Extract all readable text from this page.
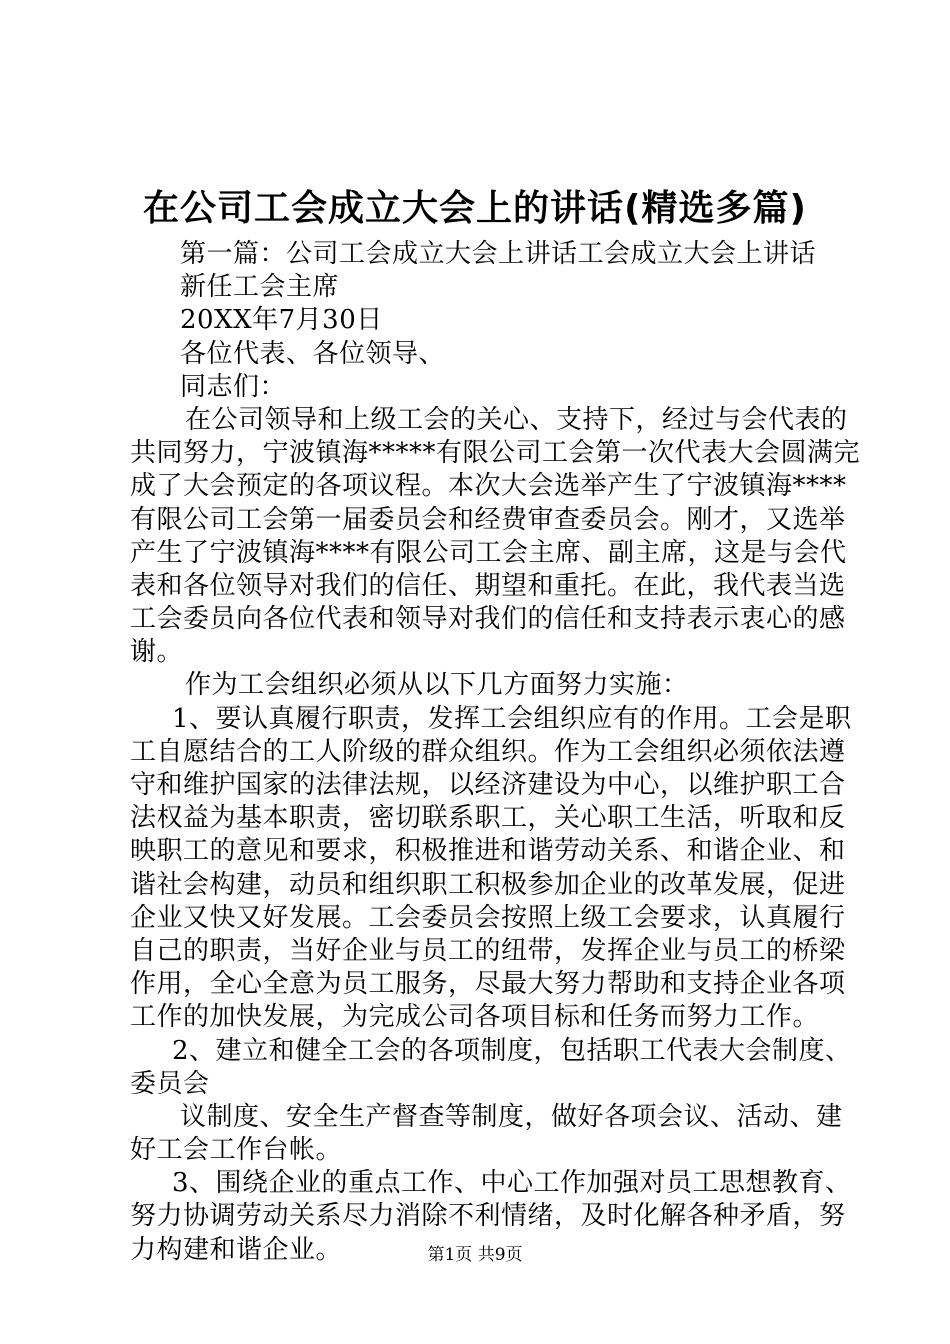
在公司工会成立大会上的讲话(精选多篇)
第一篇：公司工会成立大会上讲话工会成立大会上讲话
新任工会主席
20XX年7月30日
各位代表、各位领导、
同志们：
在公司领导和上级工会的关心、支持下，经过与会代表的
共同努力，宁波镇海*****有限公司工会第一次代表大会圆满完
成了大会预定的各项议程。本次大会选举产生了宁波镇海****
有限公司工会第一届委员会和经费审查委员会。刚才，又选举
产生了宁波镇海****有限公司工会主席、副主席，这是与会代
表和各位领导对我们的信任、期望和重托。在此，我代表当选
工会委员向各位代表和领导对我们的信任和支持表示衷心的感
谢。
作为工会组织必须从以下几方面努力实施：
1、要认真履行职责，发挥工会组织应有的作用。工会是职
工自愿结合的工人阶级的群众组织。作为工会组织必须依法遵
守和维护国家的法律法规，以经济建设为中心，以维护职工合
法权益为基本职责，密切联系职工，关心职工生活，听取和反
映职工的意见和要求，积极推进和谐劳动关系、和谐企业、和
谐社会构建，动员和组织职工积极参加企业的改革发展，促进
企业又快又好发展。工会委员会按照上级工会要求，认真履行
自己的职责，当好企业与员工的纽带，发挥企业与员工的桥梁
作用，全心全意为员工服务，尽最大努力帮助和支持企业各项
工作的加快发展，为完成公司各项目标和任务而努力工作。
2、建立和健全工会的各项制度，包括职工代表大会制度、
委员会
议制度、安全生产督查等制度，做好各项会议、活动、建
好工会工作台帐。
3、围绕企业的重点工作、中心工作加强对员工思想教育、
努力协调劳动关系尽力消除不利情绪，及时化解各种矛盾，努
力构建和谐企业。	第1页 共9页
